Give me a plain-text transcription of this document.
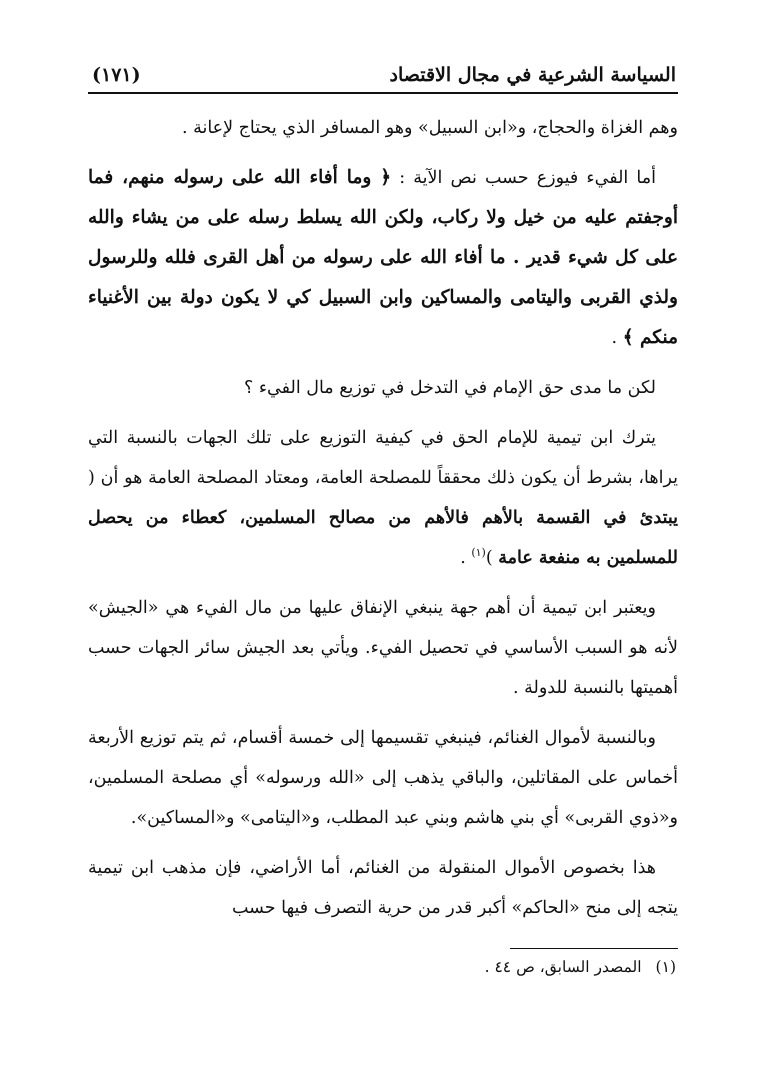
السياسة الشرعية في مجال الاقتصاد
(١٧١)

وهم الغزاة والحجاج، و«ابن السبيل» وهو المسافر الذي يحتاج لإعانة .

أما الفيء فيوزع حسب نص الآية : ﴿ وما أفاء الله على رسوله منهم، فما أوجفتم عليه من خيل ولا ركاب، ولكن الله يسلط رسله على من يشاء والله على كل شيء قدير . ما أفاء الله على رسوله من أهل القرى فلله وللرسول ولذي القربى واليتامى والمساكين وابن السبيل كي لا يكون دولة بين الأغنياء منكم ﴾ .

لكن ما مدى حق الإمام في التدخل في توزيع مال الفيء ؟

يترك ابن تيمية للإمام الحق في كيفية التوزيع على تلك الجهات بالنسبة التي يراها، بشرط أن يكون ذلك محققاً للمصلحة العامة، ومعتاد المصلحة العامة هو أن ( يبتدئ في القسمة بالأهم فالأهم من مصالح المسلمين، كعطاء من يحصل للمسلمين به منفعة عامة )$^{(١)}$ .

ويعتبر ابن تيمية أن أهم جهة ينبغي الإنفاق عليها من مال الفيء هي «الجيش» لأنه هو السبب الأساسي في تحصيل الفيء. ويأتي بعد الجيش سائر الجهات حسب أهميتها بالنسبة للدولة .

وبالنسبة لأموال الغنائم، فينبغي تقسيمها إلى خمسة أقسام، ثم يتم توزيع الأربعة أخماس على المقاتلين، والباقي يذهب إلى «الله ورسوله» أي مصلحة المسلمين، و«ذوي القربى» أي بني هاشم وبني عبد المطلب، و«اليتامى» و«المساكين».

هذا بخصوص الأموال المنقولة من الغنائم، أما الأراضي، فإن مذهب ابن تيمية يتجه إلى منح «الحاكم» أكبر قدر من حرية التصرف فيها حسب

(١)المصدر السابق، ص ٤٤ .
